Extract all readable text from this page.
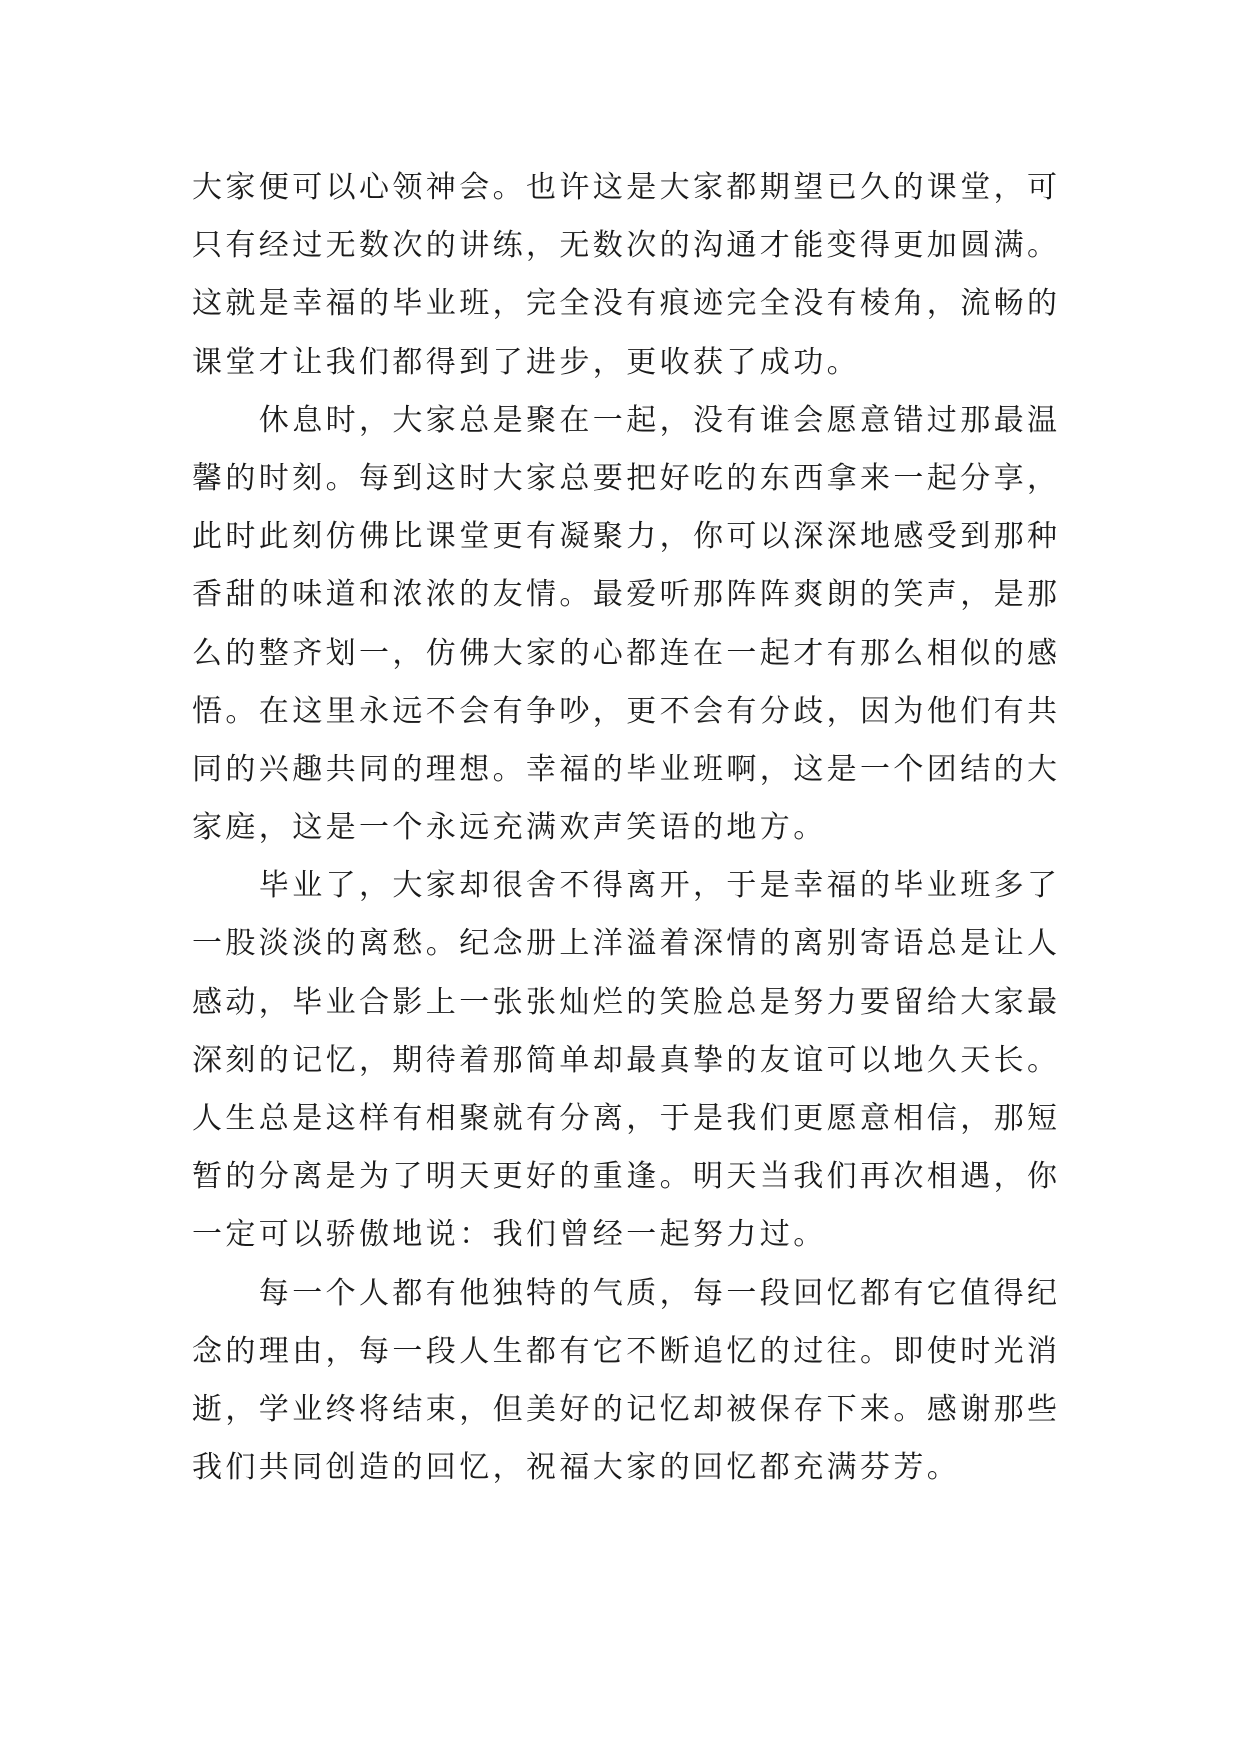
大家便可以心领神会。也许这是大家都期望已久的课堂，可
只有经过无数次的讲练，无数次的沟通才能变得更加圆满。
这就是幸福的毕业班，完全没有痕迹完全没有棱角，流畅的
课堂才让我们都得到了进步，更收获了成功。
　　休息时，大家总是聚在一起，没有谁会愿意错过那最温
馨的时刻。每到这时大家总要把好吃的东西拿来一起分享，
此时此刻仿佛比课堂更有凝聚力，你可以深深地感受到那种
香甜的味道和浓浓的友情。最爱听那阵阵爽朗的笑声，是那
么的整齐划一，仿佛大家的心都连在一起才有那么相似的感
悟。在这里永远不会有争吵，更不会有分歧，因为他们有共
同的兴趣共同的理想。幸福的毕业班啊，这是一个团结的大
家庭，这是一个永远充满欢声笑语的地方。
　　毕业了，大家却很舍不得离开，于是幸福的毕业班多了
一股淡淡的离愁。纪念册上洋溢着深情的离别寄语总是让人
感动，毕业合影上一张张灿烂的笑脸总是努力要留给大家最
深刻的记忆，期待着那简单却最真挚的友谊可以地久天长。
人生总是这样有相聚就有分离，于是我们更愿意相信，那短
暂的分离是为了明天更好的重逢。明天当我们再次相遇，你
一定可以骄傲地说：我们曾经一起努力过。
　　每一个人都有他独特的气质，每一段回忆都有它值得纪
念的理由，每一段人生都有它不断追忆的过往。即使时光消
逝，学业终将结束，但美好的记忆却被保存下来。感谢那些
我们共同创造的回忆，祝福大家的回忆都充满芬芳。
